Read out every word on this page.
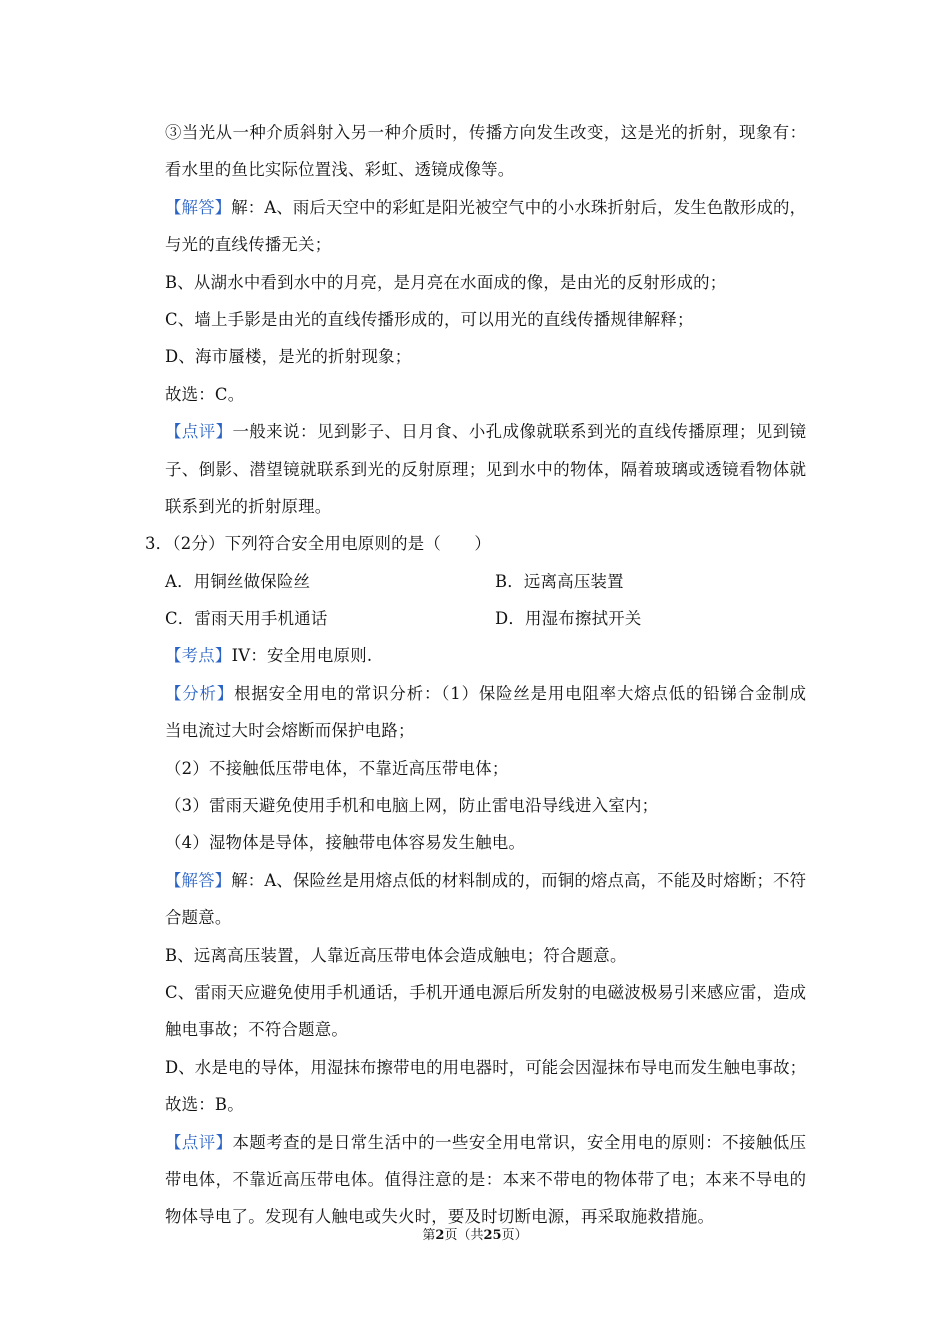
③当光从一种介质斜射入另一种介质时，传播方向发生改变，这是光的折射，现象有：
看水里的鱼比实际位置浅、彩虹、透镜成像等。
【解答】解：A、雨后天空中的彩虹是阳光被空气中的小水珠折射后，发生色散形成的，
与光的直线传播无关；
B、从湖水中看到水中的月亮，是月亮在水面成的像，是由光的反射形成的；
C、墙上手影是由光的直线传播形成的，可以用光的直线传播规律解释；
D、海市蜃楼，是光的折射现象；
故选：C。
【点评】一般来说：见到影子、日月食、小孔成像就联系到光的直线传播原理；见到镜
子、倒影、潜望镜就联系到光的反射原理；见到水中的物体，隔着玻璃或透镜看物体就
联系到光的折射原理。
3．（2分）下列符合安全用电原则的是（　　）
A．用铜丝做保险丝	B．远离高压装置
C．雷雨天用手机通话	D．用湿布擦拭开关
【考点】IV：安全用电原则.
【分析】根据安全用电的常识分析：（1）保险丝是用电阻率大熔点低的铅锑合金制成
当电流过大时会熔断而保护电路；
（2）不接触低压带电体，不靠近高压带电体；
（3）雷雨天避免使用手机和电脑上网，防止雷电沿导线进入室内；
（4）湿物体是导体，接触带电体容易发生触电。
【解答】解：A、保险丝是用熔点低的材料制成的，而铜的熔点高，不能及时熔断；不符
合题意。
B、远离高压装置，人靠近高压带电体会造成触电；符合题意。
C、雷雨天应避免使用手机通话，手机开通电源后所发射的电磁波极易引来感应雷，造成
触电事故；不符合题意。
D、水是电的导体，用湿抹布擦带电的用电器时，可能会因湿抹布导电而发生触电事故；
故选：B。
【点评】本题考查的是日常生活中的一些安全用电常识，安全用电的原则：不接触低压
带电体，不靠近高压带电体。值得注意的是：本来不带电的物体带了电；本来不导电的
物体导电了。发现有人触电或失火时，要及时切断电源，再采取施救措施。
第2页（共25页）
